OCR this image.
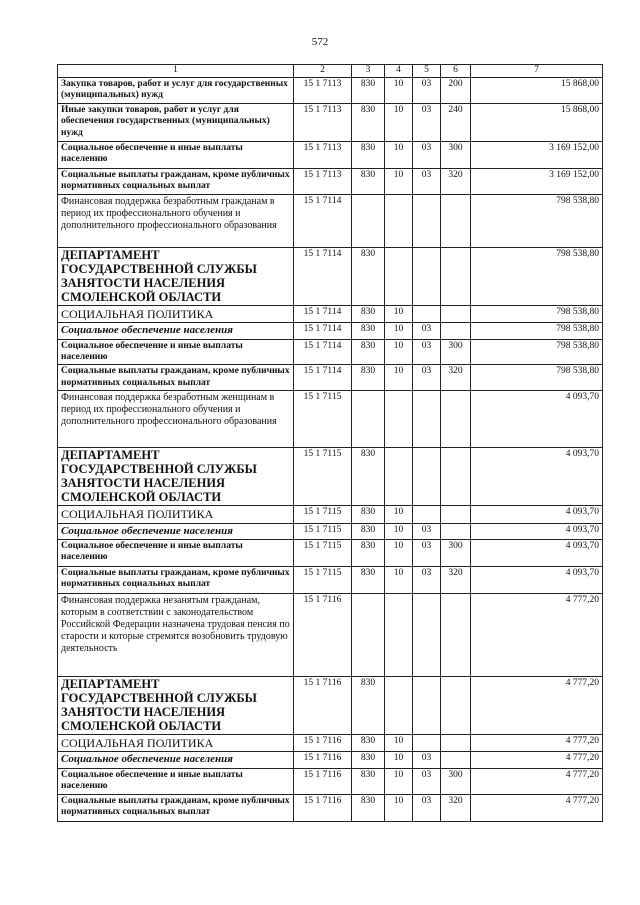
572
1	2	3	4	5	6	7
Закупка товаров, работ и услуг для государственных (муниципальных) нужд	15 1 7113	830	10	03	200	15 868,00
Иные закупки товаров, работ и услуг для обеспечения государственных (муниципальных) нужд	15 1 7113	830	10	03	240	15 868,00
Социальное обеспечение и иные выплаты населению	15 1 7113	830	10	03	300	3 169 152,00
Социальные выплаты гражданам, кроме публичных нормативных социальных выплат	15 1 7113	830	10	03	320	3 169 152,00
Финансовая поддержка безработным гражданам в период их профессионального обучения и дополнительного профессионального образования	15 1 7114					798 538,80
ДЕПАРТАМЕНТ ГОСУДАРСТВЕННОЙ СЛУЖБЫ ЗАНЯТОСТИ НАСЕЛЕНИЯ СМОЛЕНСКОЙ ОБЛАСТИ	15 1 7114	830				798 538,80
СОЦИАЛЬНАЯ ПОЛИТИКА	15 1 7114	830	10			798 538,80
Социальное обеспечение населения	15 1 7114	830	10	03		798 538,80
Социальное обеспечение и иные выплаты населению	15 1 7114	830	10	03	300	798 538,80
Социальные выплаты гражданам, кроме публичных нормативных социальных выплат	15 1 7114	830	10	03	320	798 538,80
Финансовая поддержка безработным женщинам в период их профессионального обучения и дополнительного профессионального образования	15 1 7115					4 093,70
ДЕПАРТАМЕНТ ГОСУДАРСТВЕННОЙ СЛУЖБЫ ЗАНЯТОСТИ НАСЕЛЕНИЯ СМОЛЕНСКОЙ ОБЛАСТИ	15 1 7115	830				4 093,70
СОЦИАЛЬНАЯ ПОЛИТИКА	15 1 7115	830	10			4 093,70
Социальное обеспечение населения	15 1 7115	830	10	03		4 093,70
Социальное обеспечение и иные выплаты населению	15 1 7115	830	10	03	300	4 093,70
Социальные выплаты гражданам, кроме публичных нормативных социальных выплат	15 1 7115	830	10	03	320	4 093,70
Финансовая поддержка незанятым гражданам, которым в соответствии с законодательством Российской Федерации назначена трудовая пенсия по старости и которые стремятся возобновить трудовую деятельность	15 1 7116					4 777,20
ДЕПАРТАМЕНТ ГОСУДАРСТВЕННОЙ СЛУЖБЫ ЗАНЯТОСТИ НАСЕЛЕНИЯ СМОЛЕНСКОЙ ОБЛАСТИ	15 1 7116	830				4 777,20
СОЦИАЛЬНАЯ ПОЛИТИКА	15 1 7116	830	10			4 777,20
Социальное обеспечение населения	15 1 7116	830	10	03		4 777,20
Социальное обеспечение и иные выплаты населению	15 1 7116	830	10	03	300	4 777,20
Социальные выплаты гражданам, кроме публичных нормативных социальных выплат	15 1 7116	830	10	03	320	4 777,20
